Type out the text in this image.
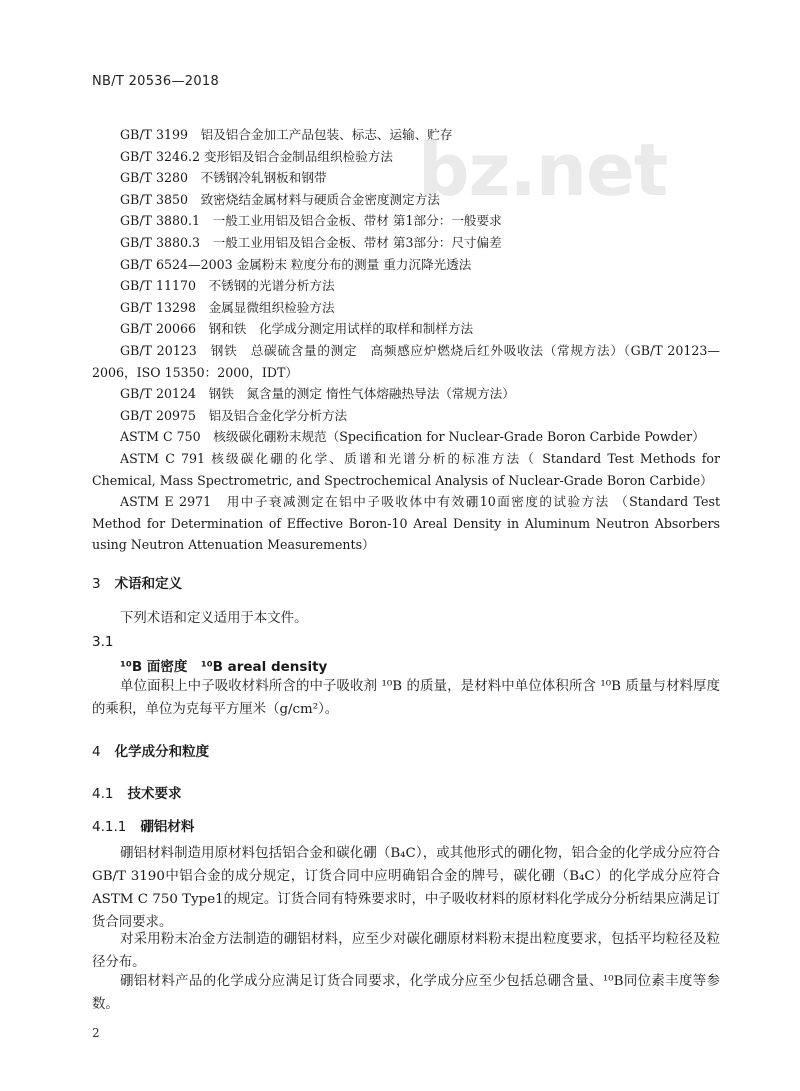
NB/T 20536—2018
bz.net
GB/T 3199　铝及铝合金加工产品包装、标志、运输、贮存
GB/T 3246.2 变形铝及铝合金制品组织检验方法
GB/T 3280　不锈钢冷轧钢板和钢带
GB/T 3850　致密烧结金属材料与硬质合金密度测定方法
GB/T 3880.1　一般工业用铝及铝合金板、带材 第1部分：一般要求
GB/T 3880.3　一般工业用铝及铝合金板、带材 第3部分：尺寸偏差
GB/T 6524—2003 金属粉末 粒度分布的测量 重力沉降光透法
GB/T 11170　不锈钢的光谱分析方法
GB/T 13298　金属显微组织检验方法
GB/T 20066　钢和铁　化学成分测定用试样的取样和制样方法
GB/T 20123　钢铁　总碳硫含量的测定　高频感应炉燃烧后红外吸收法（常规方法）（GB/T 20123—2006，ISO 15350：2000，IDT）
GB/T 20124　钢铁　氮含量的测定 惰性气体熔融热导法（常规方法）
GB/T 20975　铝及铝合金化学分析方法
ASTM C 750　核级碳化硼粉末规范（Specification for Nuclear-Grade Boron Carbide Powder）
ASTM C 791 核级碳化硼的化学、质谱和光谱分析的标准方法（ Standard Test Methods for Chemical, Mass Spectrometric, and Spectrochemical Analysis of Nuclear-Grade Boron Carbide）
ASTM E 2971　用中子衰减测定在铝中子吸收体中有效硼10面密度的试验方法 （Standard Test Method for Determination of Effective Boron-10 Areal Density in Aluminum Neutron Absorbers using Neutron Attenuation Measurements）
3 术语和定义
下列术语和定义适用于本文件。
3.1
¹⁰B 面密度　¹⁰B areal density
单位面积上中子吸收材料所含的中子吸收剂 ¹⁰B 的质量，是材料中单位体积所含 ¹⁰B 质量与材料厚度的乘积，单位为克每平方厘米（g/cm²）。
4 化学成分和粒度
4.1 技术要求
4.1.1 硼铝材料
硼铝材料制造用原材料包括铝合金和碳化硼（B₄C），或其他形式的硼化物，铝合金的化学成分应符合GB/T 3190中铝合金的成分规定，订货合同中应明确铝合金的牌号，碳化硼（B₄C）的化学成分应符合ASTM C 750 Type1的规定。订货合同有特殊要求时，中子吸收材料的原材料化学成分分析结果应满足订货合同要求。
对采用粉末冶金方法制造的硼铝材料，应至少对碳化硼原材料粉末提出粒度要求，包括平均粒径及粒径分布。
硼铝材料产品的化学成分应满足订货合同要求，化学成分应至少包括总硼含量、¹⁰B同位素丰度等参数。
2
